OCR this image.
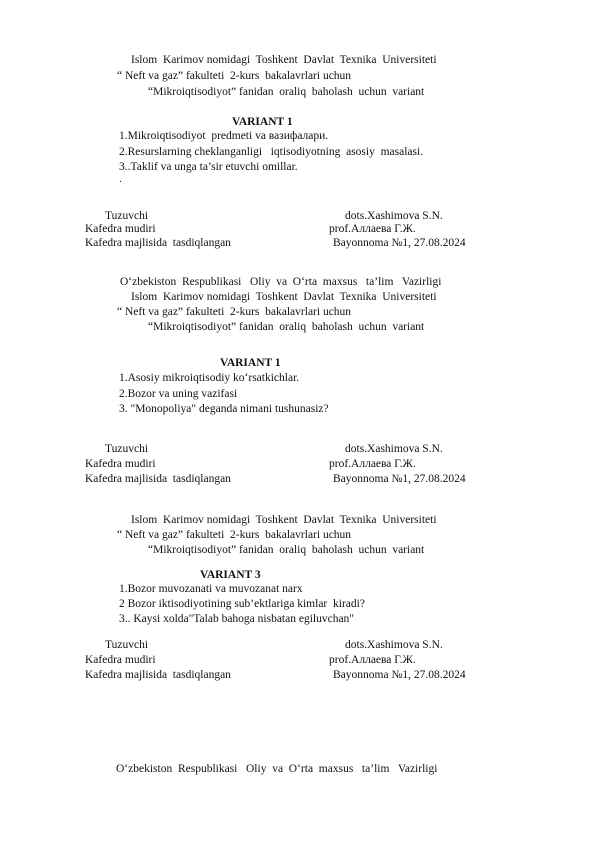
Islom  Karimov nomidagi  Toshkent  Davlat  Texnika  Universiteti
“ Neft va gaz” fakulteti  2-kurs  bakalavrlari uchun
“Mikroiqtisodiyot” fanidan  oraliq  baholash  uchun  variant
VARIANT 1
1.Mikroiqtisodiyot  predmeti va вазифалари.
2.Resurslarning cheklanganligi   iqtisodiyotning  asosiy  masalasi.
3..Taklif va unga ta’sir etuvchi omillar.
.
Tuzuvchi	dots.Xashimova S.N.
Kafedra mudiri	prof.Аллаева Г.Ж.
Kafedra majlisida  tasdiqlangan	Bayonnoma №1, 27.08.2024
O‘zbekiston  Respublikasi   Oliy  va  O‘rta  maxsus   ta’lim   Vazirligi
Islom  Karimov nomidagi  Toshkent  Davlat  Texnika  Universiteti
“ Neft va gaz” fakulteti  2-kurs  bakalavrlari uchun
“Mikroiqtisodiyot” fanidan  oraliq  baholash  uchun  variant
VARIANT 1
1.Asosiy mikroiqtisodiy ko‘rsatkichlar.
2.Bozor va uning vazifasi
3. "Monopoliya" deganda nimani tushunasiz?
Tuzuvchi	dots.Xashimova S.N.
Kafedra mudiri	prof.Аллаева Г.Ж.
Kafedra majlisida  tasdiqlangan	Bayonnoma №1, 27.08.2024
Islom  Karimov nomidagi  Toshkent  Davlat  Texnika  Universiteti
“ Neft va gaz” fakulteti  2-kurs  bakalavrlari uchun
“Mikroiqtisodiyot” fanidan  oraliq  baholash  uchun  variant
VARIANT 3
1.Bozor muvozanati va muvozanat narx
2 Bozor iktisodiyotining sub’ektlariga kimlar  kiradi?
3.. Kaysi xolda"Talab bahoga nisbatan egiluvchan"
Tuzuvchi	dots.Xashimova S.N.
Kafedra mudiri	prof.Аллаева Г.Ж.
Kafedra majlisida  tasdiqlangan	Bayonnoma №1, 27.08.2024
O‘zbekiston  Respublikasi   Oliy  va  O‘rta  maxsus   ta’lim   Vazirligi
